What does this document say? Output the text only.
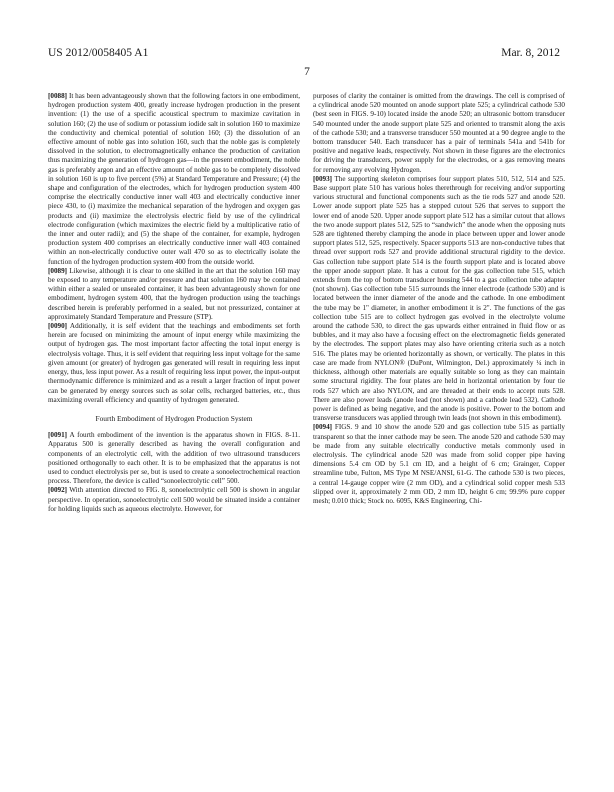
US 2012/0058405 A1	Mar. 8, 2012
7

[0088] It has been advantageously shown that the following factors in one embodiment, hydrogen production system 400, greatly increase hydrogen production in the present invention: (1) the use of a specific acoustical spectrum to maximize cavitation in solution 160; (2) the use of sodium or potassium iodide salt in solution 160 to maximize the conductivity and chemical potential of solution 160; (3) the dissolution of an effective amount of noble gas into solution 160, such that the noble gas is completely dissolved in the solution, to electromagnetically enhance the production of cavitation thus maximizing the generation of hydrogen gas—in the present embodiment, the noble gas is preferably argon and an effective amount of noble gas to be completely dissolved in solution 160 is up to five percent (5%) at Standard Temperature and Pressure; (4) the shape and configuration of the electrodes, which for hydrogen production system 400 comprise the electrically conductive inner wall 403 and electrically conductive inner piece 430, to (i) maximize the mechanical separation of the hydrogen and oxygen gas products and (ii) maximize the electrolysis electric field by use of the cylindrical electrode configuration (which maximizes the electric field by a multiplicative ratio of the inner and outer radii); and (5) the shape of the container, for example, hydrogen production system 400 comprises an electrically conductive inner wall 403 contained within an non-electrically conductive outer wall 470 so as to electrically isolate the function of the hydrogen production system 400 from the outside world.

[0089] Likewise, although it is clear to one skilled in the art that the solution 160 may be exposed to any temperature and/or pressure and that solution 160 may be contained within either a sealed or unsealed container, it has been advantageously shown for one embodiment, hydrogen system 400, that the hydrogen production using the teachings described herein is preferably performed in a sealed, but not pressurized, container at approximately Standard Temperature and Pressure (STP).

[0090] Additionally, it is self evident that the teachings and embodiments set forth herein are focused on minimizing the amount of input energy while maximizing the output of hydrogen gas. The most important factor affecting the total input energy is electrolysis voltage. Thus, it is self evident that requiring less input voltage for the same given amount (or greater) of hydrogen gas generated will result in requiring less input energy, thus, less input power. As a result of requiring less input power, the input-output thermodynamic difference is minimized and as a result a larger fraction of input power can be generated by energy sources such as solar cells, recharged batteries, etc., thus maximizing overall efficiency and quantity of hydrogen generated.

Fourth Embodiment of Hydrogen Production System

[0091] A fourth embodiment of the invention is the apparatus shown in FIGS. 8-11. Apparatus 500 is generally described as having the overall configuration and components of an electrolytic cell, with the addition of two ultrasound transducers positioned orthogonally to each other. It is to be emphasized that the apparatus is not used to conduct electrolysis per se, but is used to create a sonoelectrochemical reaction process. Therefore, the device is called “sonoelectrolytic cell” 500.

[0092] With attention directed to FIG. 8, sonoelectrolytic cell 500 is shown in angular perspective. In operation, sonoelectrolytic cell 500 would be situated inside a container for holding liquids such as aqueous electrolyte. However, for

purposes of clarity the container is omitted from the drawings. The cell is comprised of a cylindrical anode 520 mounted on anode support plate 525; a cylindrical cathode 530 (best seen in FIGS. 9-10) located inside the anode 520; an ultrasonic bottom transducer 540 mounted under the anode support plate 525 and oriented to transmit along the axis of the cathode 530; and a transverse transducer 550 mounted at a 90 degree angle to the bottom transducer 540. Each transducer has a pair of terminals 541a and 541b for positive and negative leads, respectively. Not shown in these figures are the electronics for driving the transducers, power supply for the electrodes, or a gas removing means for removing any evolving Hydrogen.

[0093] The supporting skeleton comprises four support plates 510, 512, 514 and 525. Base support plate 510 has various holes therethrough for receiving and/or supporting various structural and functional components such as the tie rods 527 and anode 520. Lower anode support plate 525 has a stepped cutout 526 that serves to support the lower end of anode 520. Upper anode support plate 512 has a similar cutout that allows the two anode support plates 512, 525 to “sandwich” the anode when the opposing nuts 528 are tightened thereby clamping the anode in place between upper and lower anode support plates 512, 525, respectively. Spacer supports 513 are non-conductive tubes that thread over support rods 527 and provide additional structural rigidity to the device. Gas collection tube support plate 514 is the fourth support plate and is located above the upper anode support plate. It has a cutout for the gas collection tube 515, which extends from the top of bottom transducer housing 544 to a gas collection tube adapter (not shown). Gas collection tube 515 surrounds the inner electrode (cathode 530) and is located between the inner diameter of the anode and the cathode. In one embodiment the tube may be 1" diameter, in another embodiment it is 2". The functions of the gas collection tube 515 are to collect hydrogen gas evolved in the electrolyte volume around the cathode 530, to direct the gas upwards either entrained in fluid flow or as bubbles, and it may also have a focusing effect on the electromagnetic fields generated by the electrodes. The support plates may also have orienting criteria such as a notch 516. The plates may be oriented horizontally as shown, or vertically. The plates in this case are made from NYLON® (DuPont, Wilmington, Del.) approximately ¼ inch in thickness, although other materials are equally suitable so long as they can maintain some structural rigidity. The four plates are held in horizontal orientation by four tie rods 527 which are also NYLON, and are threaded at their ends to accept nuts 528. There are also power leads (anode lead (not shown) and a cathode lead 532). Cathode power is defined as being negative, and the anode is positive. Power to the bottom and transverse transducers was applied through twin leads (not shown in this embodiment).

[0094] FIGS. 9 and 10 show the anode 520 and gas collection tube 515 as partially transparent so that the inner cathode may be seen. The anode 520 and cathode 530 may be made from any suitable electrically conductive metals commonly used in electrolysis. The cylindrical anode 520 was made from solid copper pipe having dimensions 5.4 cm OD by 5.1 cm ID, and a height of 6 cm; Grainger, Copper streamline tube, Fulton, MS Type M NSE/ANSI, 61-G. The cathode 530 is two pieces, a central 14-gauge copper wire (2 mm OD), and a cylindrical solid copper mesh 533 slipped over it, approximately 2 mm OD, 2 mm ID, height 6 cm; 99.9% pure copper mesh; 0.010 thick; Stock no. 6095, K&S Engineering, Chi-
